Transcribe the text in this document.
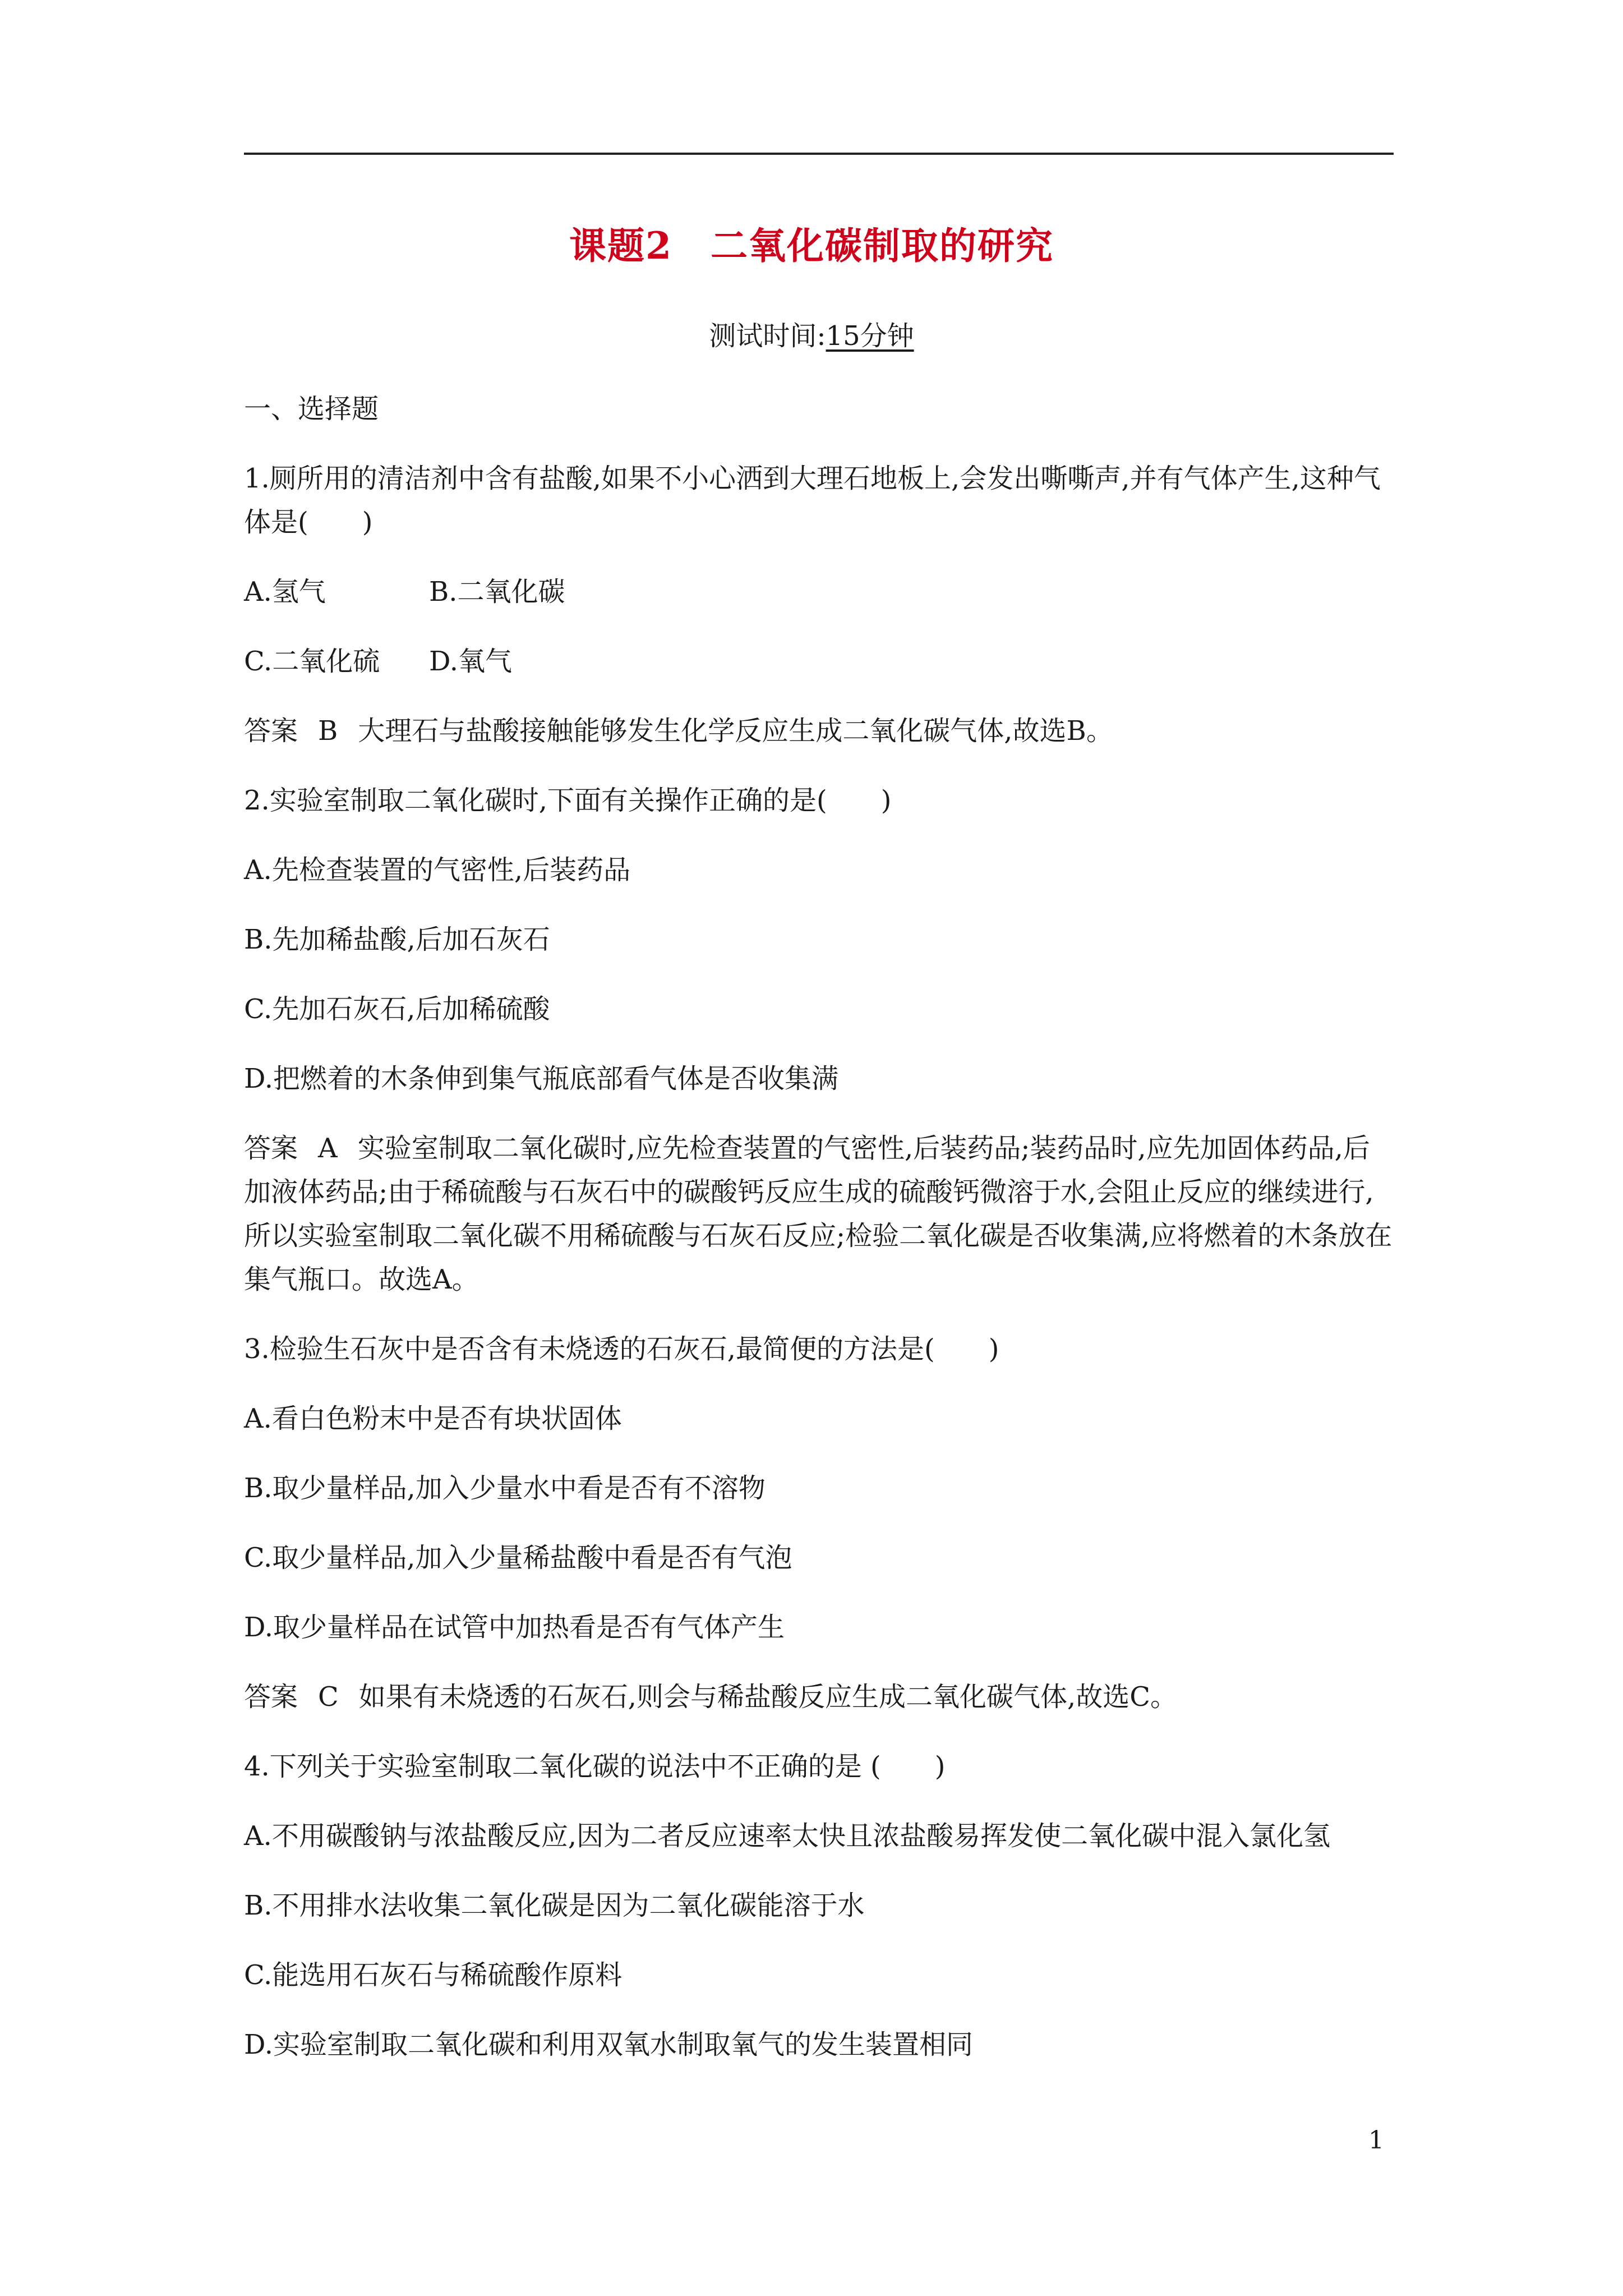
课题2　二氧化碳制取的研究
测试时间:15分钟

一、选择题

1.厕所用的清洁剂中含有盐酸,如果不小心洒到大理石地板上,会发出嘶嘶声,并有气体产生,这种气体是(　　)

A.氢气	B.二氧化碳
C.二氧化硫	D.氧气

答案 B 大理石与盐酸接触能够发生化学反应生成二氧化碳气体,故选B。

2.实验室制取二氧化碳时,下面有关操作正确的是(　　)

A.先检查装置的气密性,后装药品

B.先加稀盐酸,后加石灰石

C.先加石灰石,后加稀硫酸

D.把燃着的木条伸到集气瓶底部看气体是否收集满

答案 A 实验室制取二氧化碳时,应先检查装置的气密性,后装药品;装药品时,应先加固体药品,后加液体药品;由于稀硫酸与石灰石中的碳酸钙反应生成的硫酸钙微溶于水,会阻止反应的继续进行,所以实验室制取二氧化碳不用稀硫酸与石灰石反应;检验二氧化碳是否收集满,应将燃着的木条放在集气瓶口。故选A。

3.检验生石灰中是否含有未烧透的石灰石,最简便的方法是(　　)

A.看白色粉末中是否有块状固体

B.取少量样品,加入少量水中看是否有不溶物

C.取少量样品,加入少量稀盐酸中看是否有气泡

D.取少量样品在试管中加热看是否有气体产生

答案 C 如果有未烧透的石灰石,则会与稀盐酸反应生成二氧化碳气体,故选C。

4.下列关于实验室制取二氧化碳的说法中不正确的是 (　　)

A.不用碳酸钠与浓盐酸反应,因为二者反应速率太快且浓盐酸易挥发使二氧化碳中混入氯化氢

B.不用排水法收集二氧化碳是因为二氧化碳能溶于水

C.能选用石灰石与稀硫酸作原料

D.实验室制取二氧化碳和利用双氧水制取氧气的发生装置相同

1
